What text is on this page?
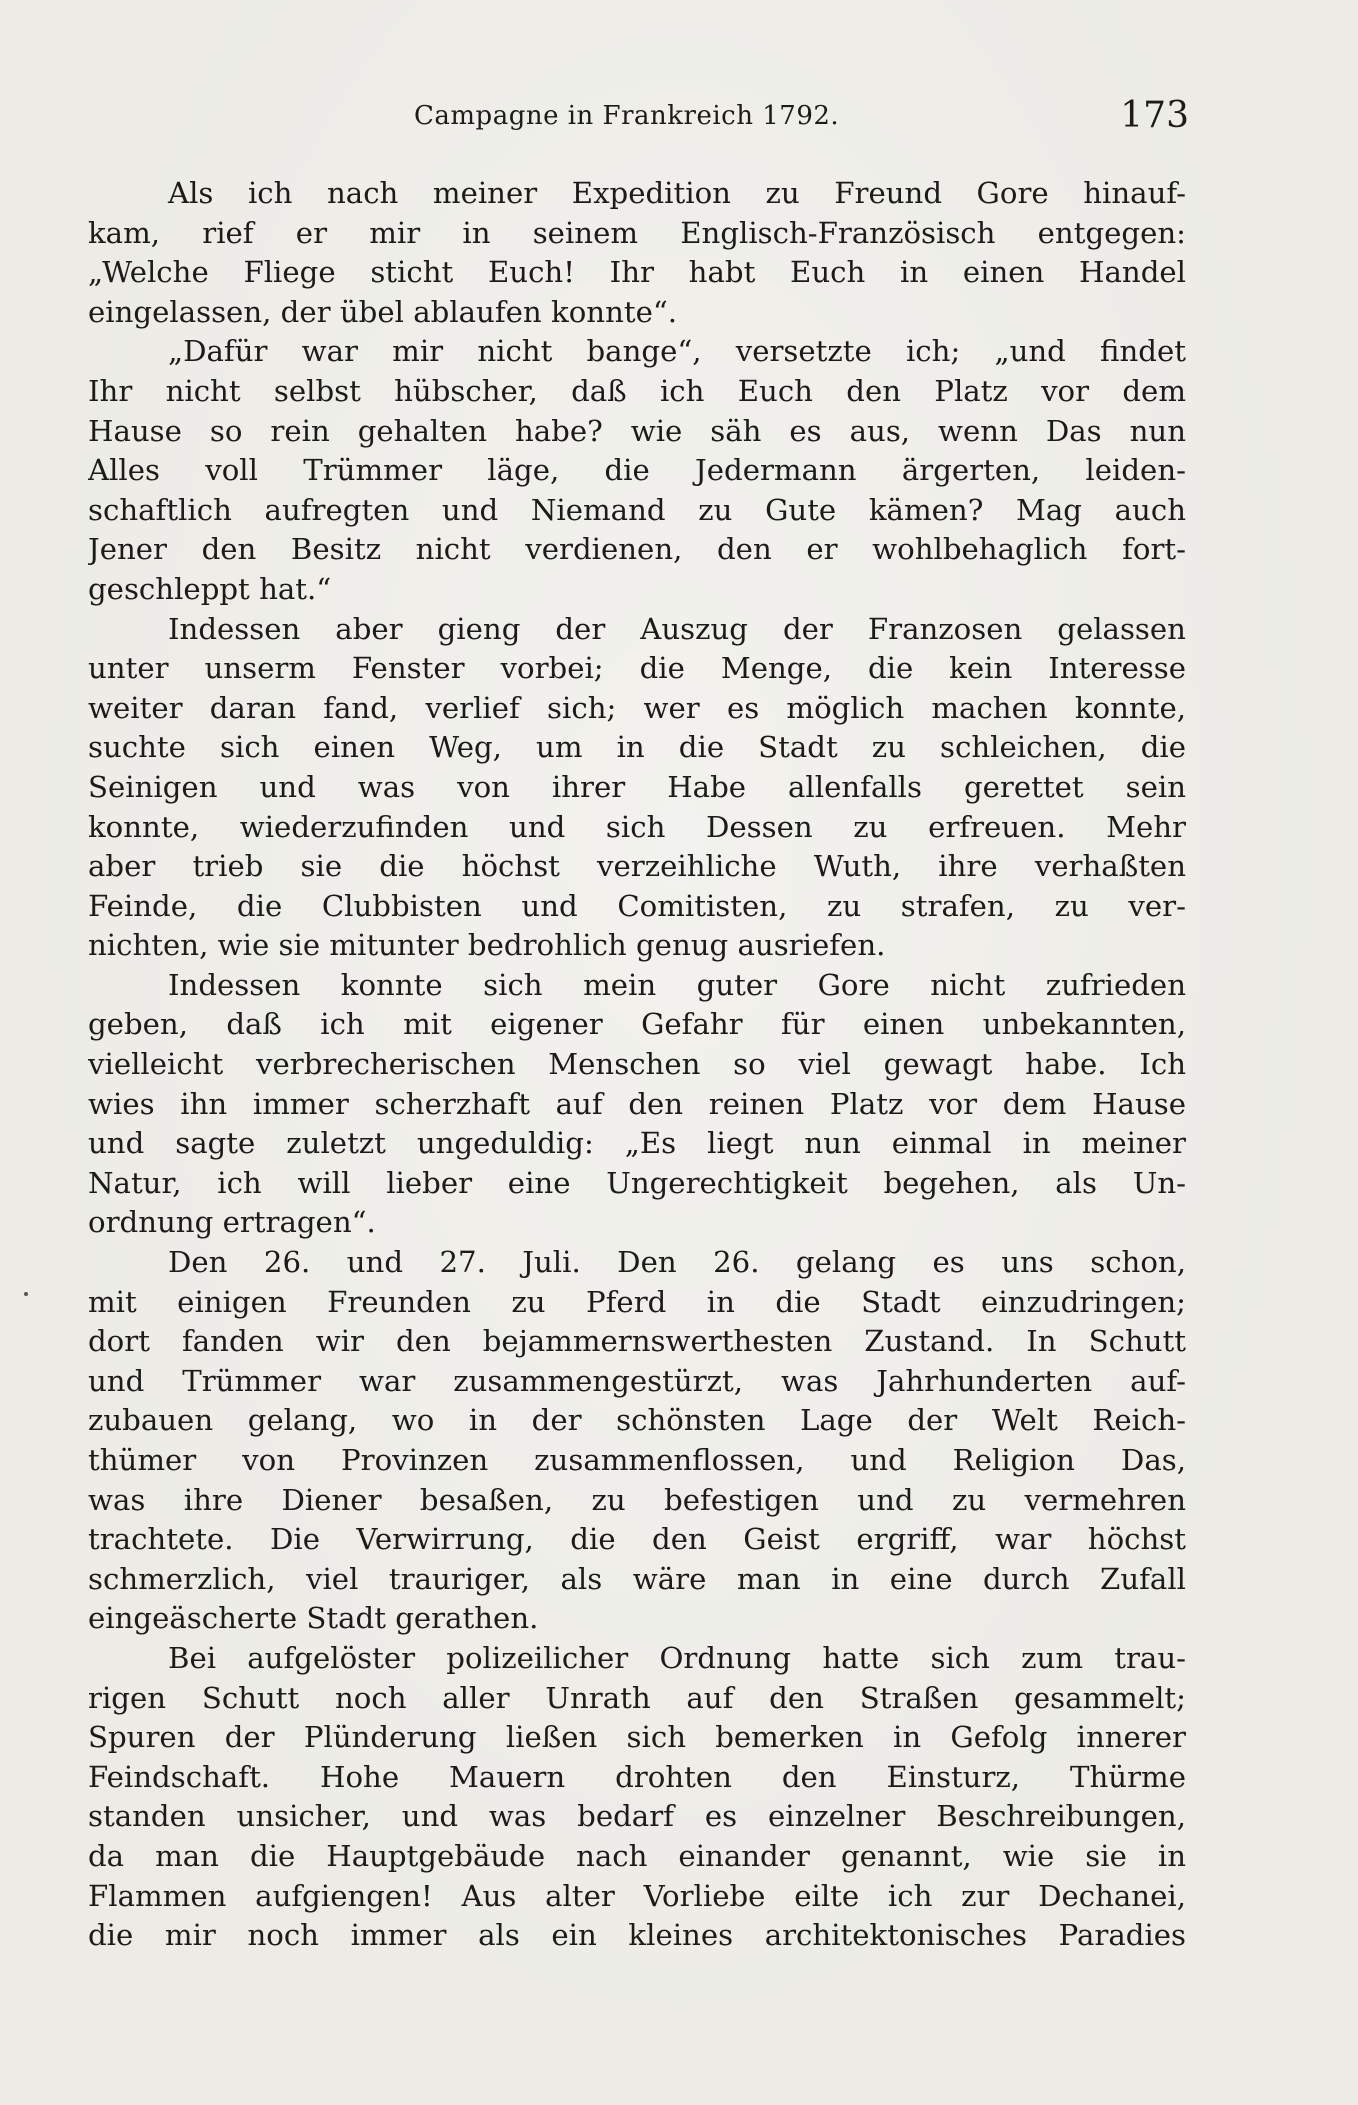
Campagne in Frankreich 1792.	173
Als ich nach meiner Expedition zu Freund Gore hinauf-
kam, rief er mir in seinem Englisch-Französisch entgegen:
„Welche Fliege sticht Euch! Ihr habt Euch in einen Handel
eingelassen, der übel ablaufen konnte“.
„Dafür war mir nicht bange“, versetzte ich; „und findet
Ihr nicht selbst hübscher, daß ich Euch den Platz vor dem
Hause so rein gehalten habe? wie säh es aus, wenn Das nun
Alles voll Trümmer läge, die Jedermann ärgerten, leiden-
schaftlich aufregten und Niemand zu Gute kämen? Mag auch
Jener den Besitz nicht verdienen, den er wohlbehaglich fort-
geschleppt hat.“
Indessen aber gieng der Auszug der Franzosen gelassen
unter unserm Fenster vorbei; die Menge, die kein Interesse
weiter daran fand, verlief sich; wer es möglich machen konnte,
suchte sich einen Weg, um in die Stadt zu schleichen, die
Seinigen und was von ihrer Habe allenfalls gerettet sein
konnte, wiederzufinden und sich Dessen zu erfreuen. Mehr
aber trieb sie die höchst verzeihliche Wuth, ihre verhaßten
Feinde, die Clubbisten und Comitisten, zu strafen, zu ver-
nichten, wie sie mitunter bedrohlich genug ausriefen.
Indessen konnte sich mein guter Gore nicht zufrieden
geben, daß ich mit eigener Gefahr für einen unbekannten,
vielleicht verbrecherischen Menschen so viel gewagt habe. Ich
wies ihn immer scherzhaft auf den reinen Platz vor dem Hause
und sagte zuletzt ungeduldig: „Es liegt nun einmal in meiner
Natur, ich will lieber eine Ungerechtigkeit begehen, als Un-
ordnung ertragen“.
Den 26. und 27. Juli. Den 26. gelang es uns schon,
mit einigen Freunden zu Pferd in die Stadt einzudringen;
dort fanden wir den bejammernswerthesten Zustand. In Schutt
und Trümmer war zusammengestürzt, was Jahrhunderten auf-
zubauen gelang, wo in der schönsten Lage der Welt Reich-
thümer von Provinzen zusammenflossen, und Religion Das,
was ihre Diener besaßen, zu befestigen und zu vermehren
trachtete. Die Verwirrung, die den Geist ergriff, war höchst
schmerzlich, viel trauriger, als wäre man in eine durch Zufall
eingeäscherte Stadt gerathen.
Bei aufgelöster polizeilicher Ordnung hatte sich zum trau-
rigen Schutt noch aller Unrath auf den Straßen gesammelt;
Spuren der Plünderung ließen sich bemerken in Gefolg innerer
Feindschaft. Hohe Mauern drohten den Einsturz, Thürme
standen unsicher, und was bedarf es einzelner Beschreibungen,
da man die Hauptgebäude nach einander genannt, wie sie in
Flammen aufgiengen! Aus alter Vorliebe eilte ich zur Dechanei,
die mir noch immer als ein kleines architektonisches Paradies
